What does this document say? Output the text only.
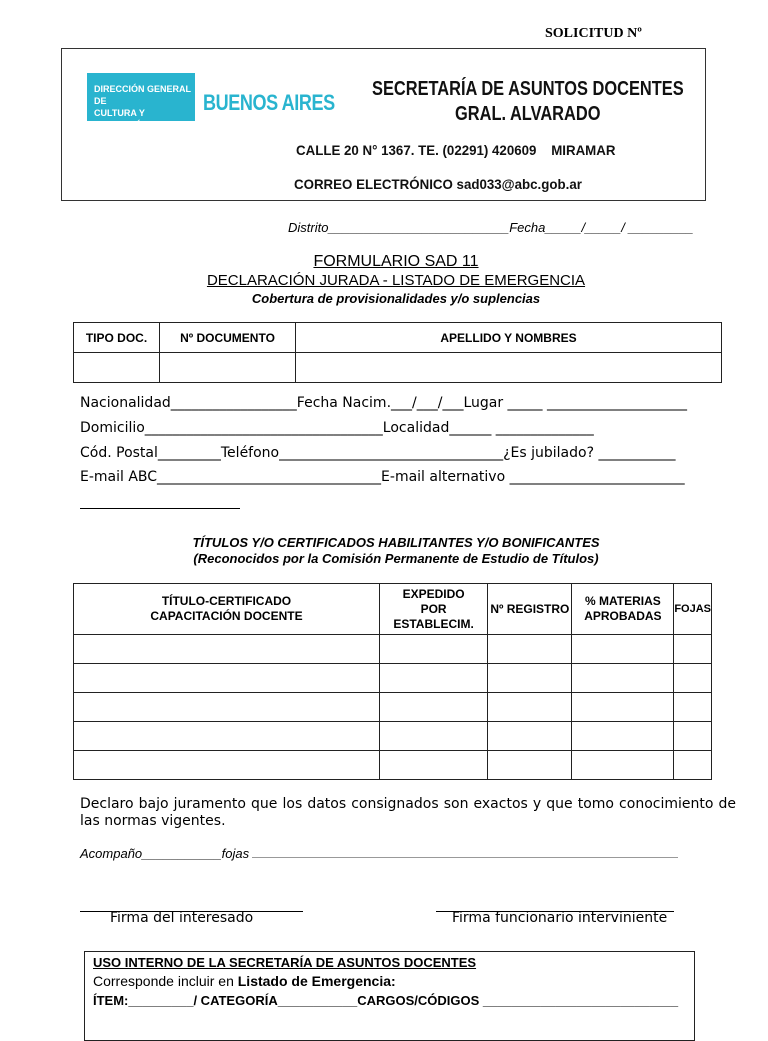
SOLICITUD Nº
DIRECCIÓN GENERAL DE
CULTURA Y EDUCACIÓN
BUENOS AIRES
SECRETARÍA DE ASUNTOS DOCENTES
GRAL. ALVARADO
CALLE 20 N° 1367. TE. (02291) 420609    MIRAMAR
CORREO ELECTRÓNICO sad033@abc.gob.ar
Distrito_________________________Fecha_____/_____/ _________
FORMULARIO SAD 11
DECLARACIÓN JURADA - LISTADO DE EMERGENCIA
Cobertura de provisionalidades y/o suplencias
TIPO DOC.	Nº DOCUMENTO	APELLIDO Y NOMBRES

Nacionalidad__________________Fecha Nacim.___/___/___Lugar _____ ____________________
Domicilio__________________________________Localidad______ ______________
Cód. Postal_________Teléfono________________________________¿Es jubilado? ___________
E-mail ABC________________________________E-mail alternativo _________________________
TÍTULOS Y/O CERTIFICADOS HABILITANTES Y/O BONIFICANTES
(Reconocidos por la Comisión Permanente de Estudio de Títulos)
TÍTULO-CERTIFICADO CAPACITACIÓN DOCENTE	EXPEDIDO POR ESTABLECIM.	Nº REGISTRO	% MATERIAS APROBADAS	FOJAS

Declaro bajo juramento que los datos consignados son exactos y que tomo conocimiento de las normas vigentes.
Acompaño___________fojas
Firma del interesado	Firma funcionario interviniente
USO INTERNO DE LA SECRETARÍA DE ASUNTOS DOCENTES
Corresponde incluir en Listado de Emergencia:
ÍTEM:_________/ CATEGORÍA___________CARGOS/CÓDIGOS ___________________________
